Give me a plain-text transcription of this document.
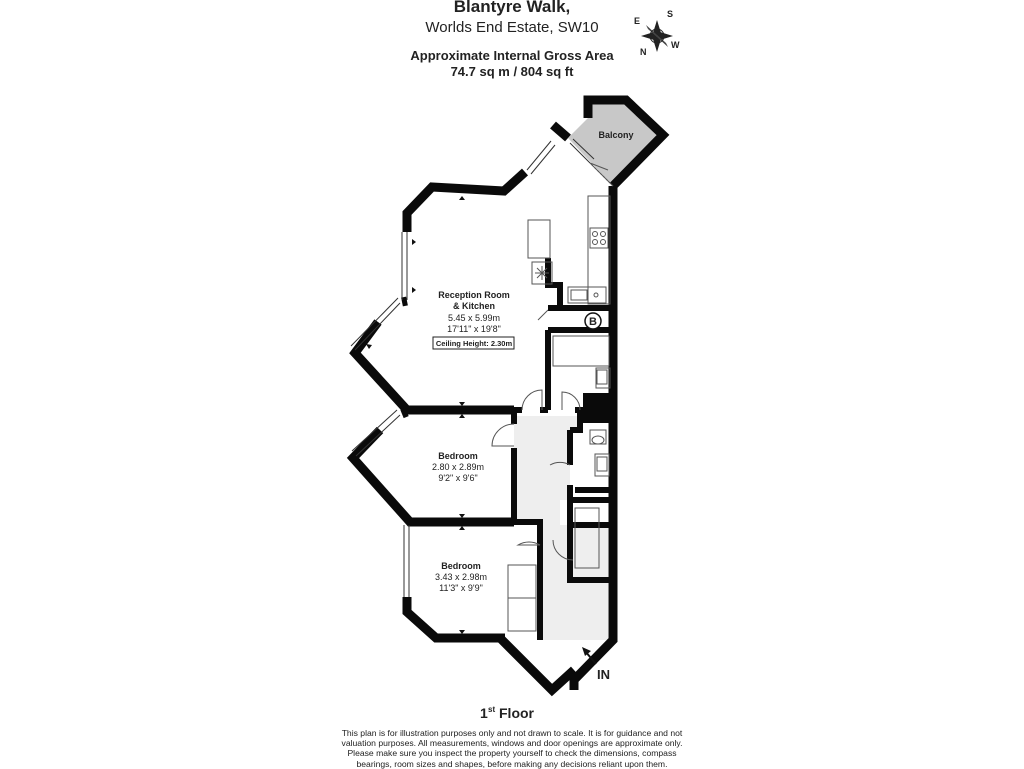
Blantyre Walk,
Worlds End Estate, SW10
Approximate Internal Gross Area
74.7 sq m / 804 sq ft
S
E
N
W
B
IN
Balcony
Reception Room
& Kitchen
5.45 x 5.99m
17'11" x 19'8"
Ceiling Height: 2.30m
Bedroom
2.80 x 2.89m
9'2" x 9'6"
Bedroom
3.43 x 2.98m
11'3" x 9'9"
1 st Floor
This plan is for illustration purposes only and not drawn to scale. It is for guidance and not
valuation purposes. All measurements, windows and door openings are approximate only.
Please make sure you inspect the property yourself to check the dimensions, compass
bearings, room sizes and shapes, before making any decisions reliant upon them.
